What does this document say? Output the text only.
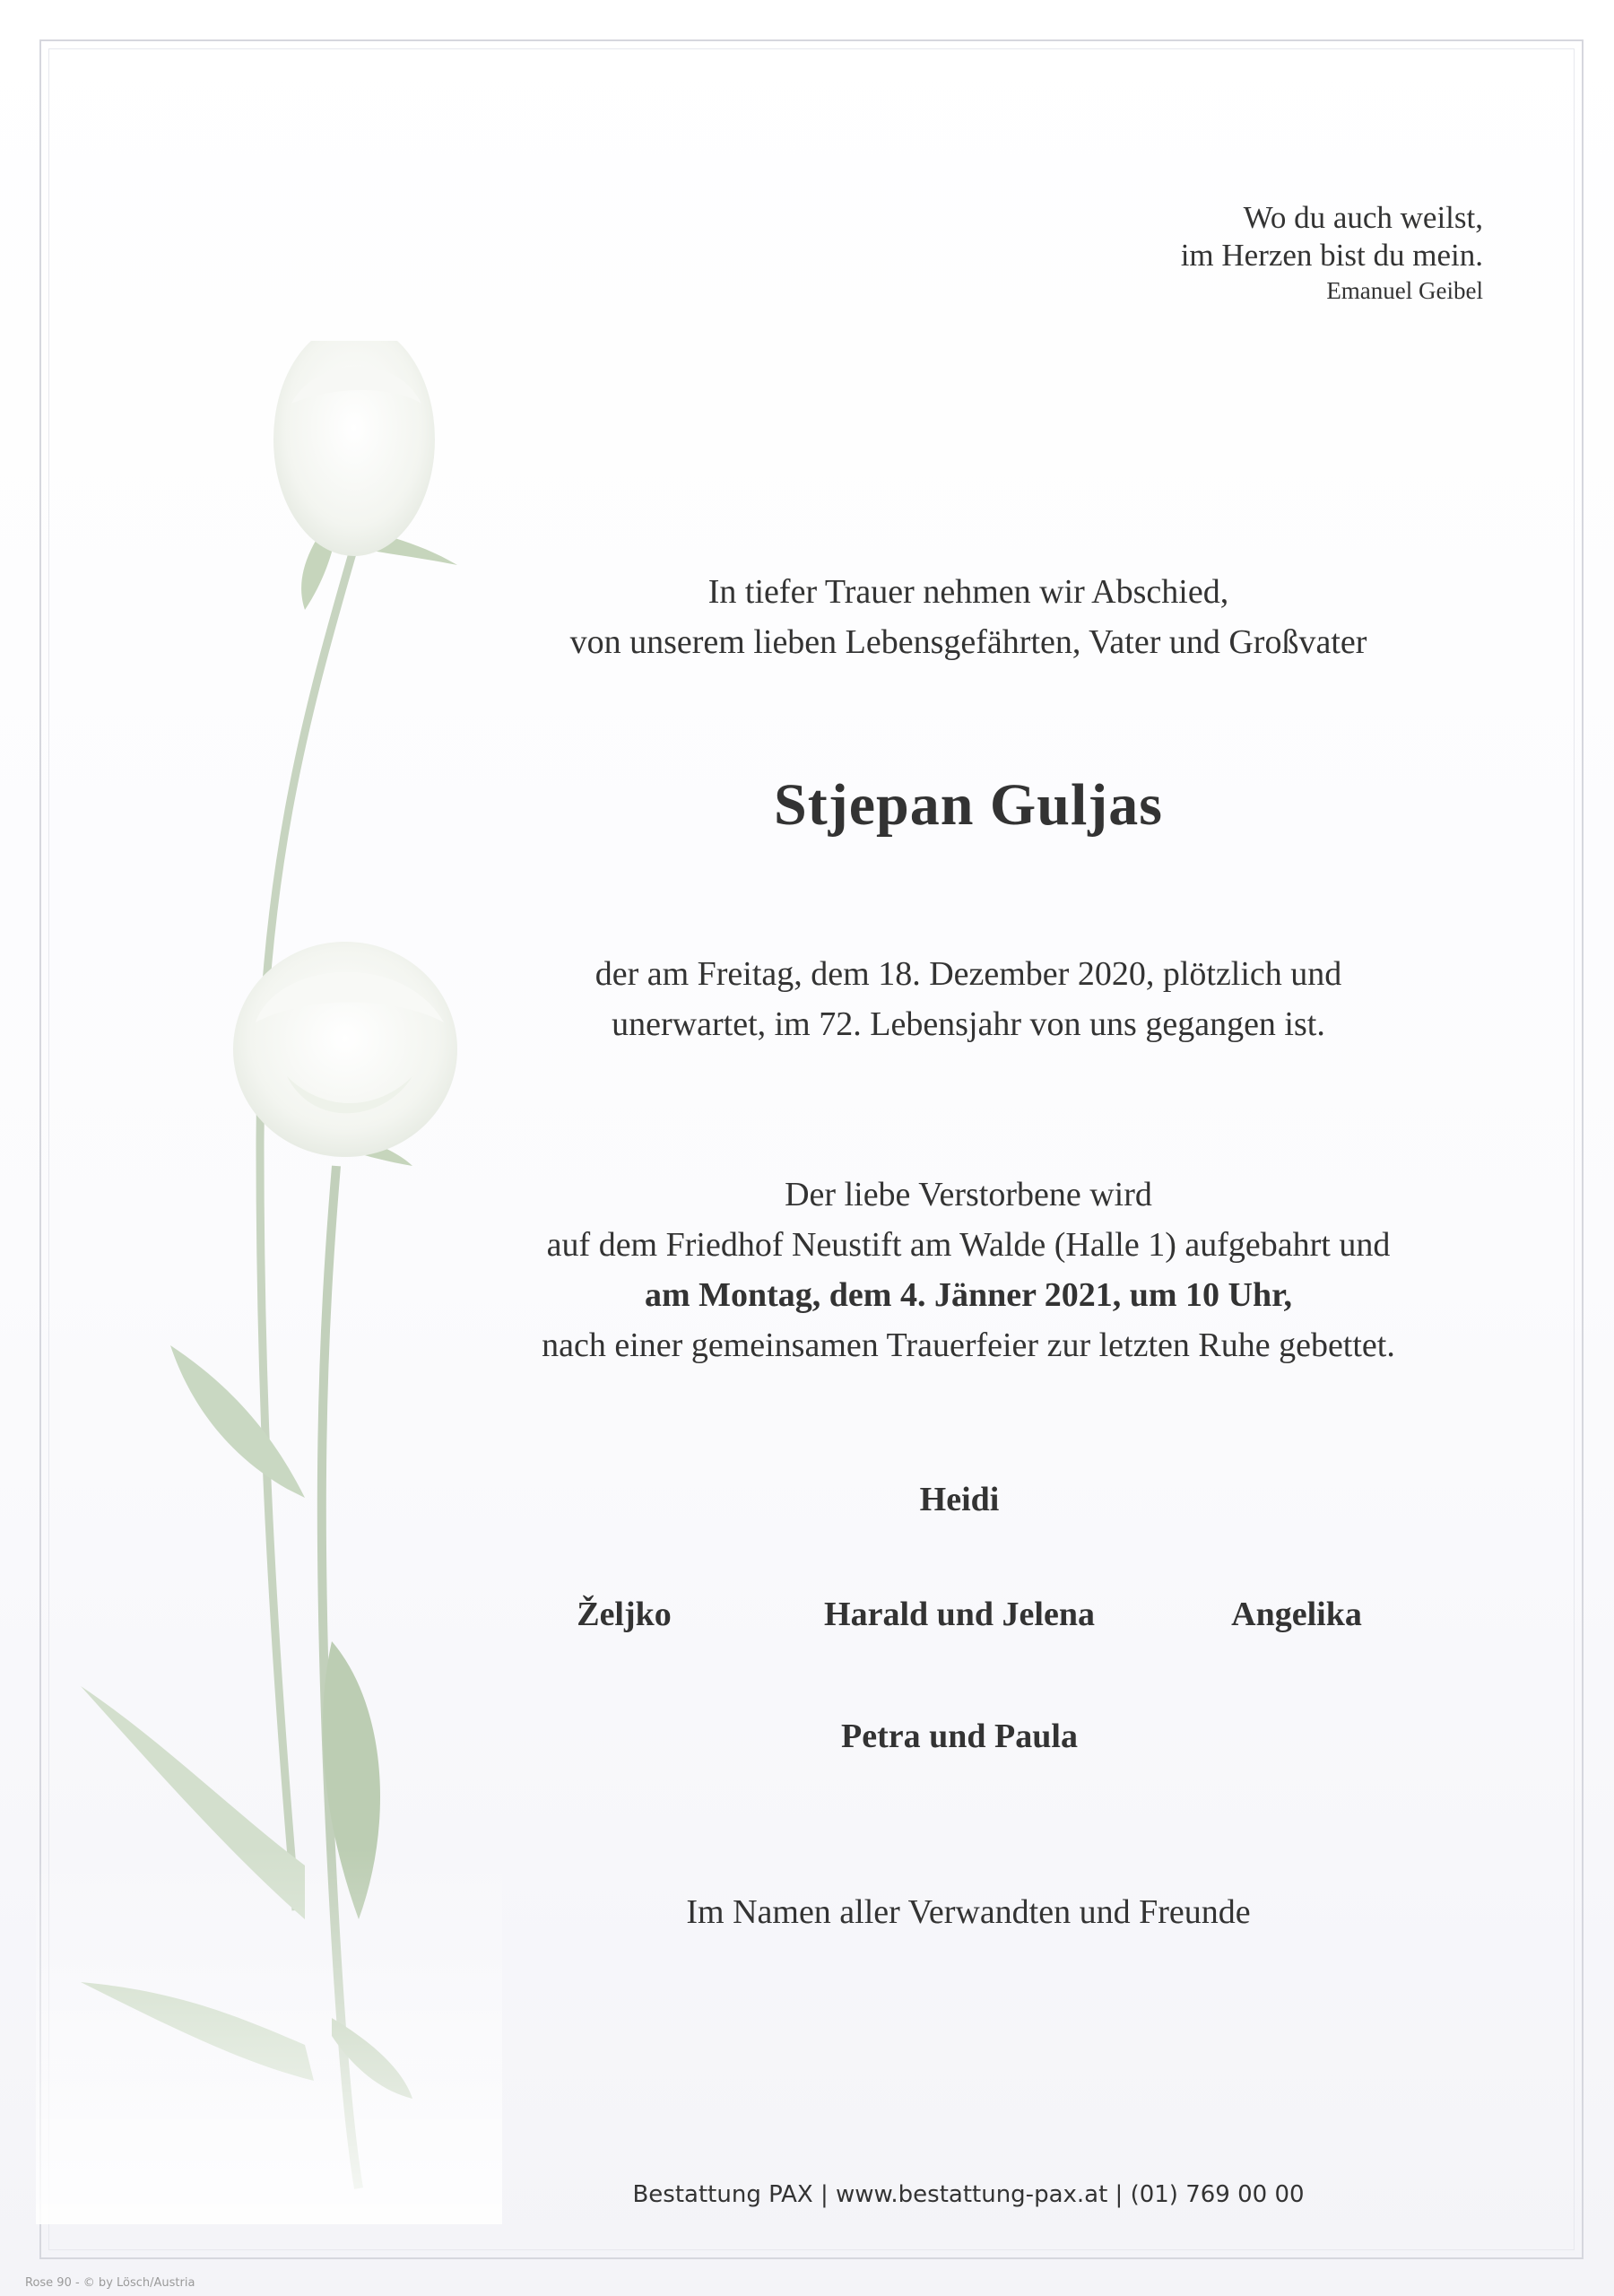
Wo du auch weilst,
im Herzen bist du mein.
Emanuel Geibel
In tiefer Trauer nehmen wir Abschied,
von unserem lieben Lebensgefährten, Vater und Großvater
Stjepan Guljas
der am Freitag, dem 18. Dezember 2020, plötzlich und
unerwartet, im 72. Lebensjahr von uns gegangen ist.
Der liebe Verstorbene wird
auf dem Friedhof Neustift am Walde (Halle 1) aufgebahrt und
am Montag, dem 4. Jänner 2021, um 10 Uhr,
nach einer gemeinsamen Trauerfeier zur letzten Ruhe gebettet.
Heidi
Željko	Harald und Jelena	Angelika
Petra und Paula
Im Namen aller Verwandten und Freunde
Bestattung PAX | www.bestattung-pax.at | (01) 769 00 00
Rose 90 - © by Lösch/Austria
